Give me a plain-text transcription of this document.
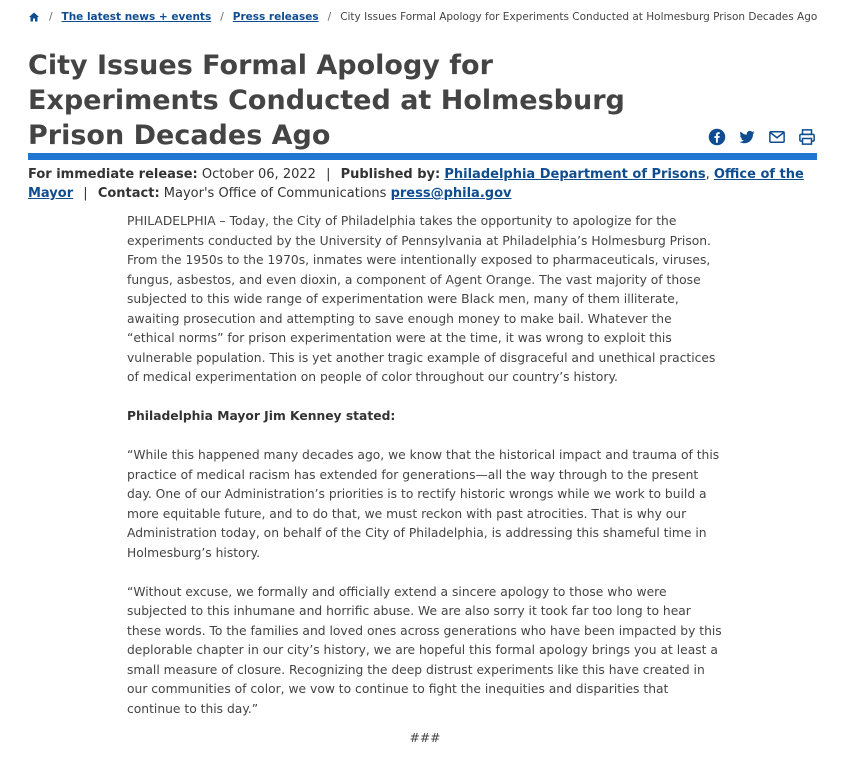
/ The latest news + events / Press releases / City Issues Formal Apology for Experiments Conducted at Holmesburg Prison Decades Ago
City Issues Formal Apology for Experiments Conducted at Holmesburg Prison Decades Ago
For immediate release: October 06, 2022 | Published by: Philadelphia Department of Prisons, Office of the Mayor | Contact: Mayor's Office of Communications press@phila.gov

PHILADELPHIA – Today, the City of Philadelphia takes the opportunity to apologize for the experiments conducted by the University of Pennsylvania at Philadelphia’s Holmesburg Prison. From the 1950s to the 1970s, inmates were intentionally exposed to pharmaceuticals, viruses, fungus, asbestos, and even dioxin, a component of Agent Orange. The vast majority of those subjected to this wide range of experimentation were Black men, many of them illiterate, awaiting prosecution and attempting to save enough money to make bail. Whatever the “ethical norms” for prison experimentation were at the time, it was wrong to exploit this vulnerable population. This is yet another tragic example of disgraceful and unethical practices of medical experimentation on people of color throughout our country’s history.

Philadelphia Mayor Jim Kenney stated:

“While this happened many decades ago, we know that the historical impact and trauma of this practice of medical racism has extended for generations—all the way through to the present day. One of our Administration’s priorities is to rectify historic wrongs while we work to build a more equitable future, and to do that, we must reckon with past atrocities. That is why our Administration today, on behalf of the City of Philadelphia, is addressing this shameful time in Holmesburg’s history.

“Without excuse, we formally and officially extend a sincere apology to those who were subjected to this inhumane and horrific abuse. We are also sorry it took far too long to hear these words. To the families and loved ones across generations who have been impacted by this deplorable chapter in our city’s history, we are hopeful this formal apology brings you at least a small measure of closure. Recognizing the deep distrust experiments like this have created in our communities of color, we vow to continue to fight the inequities and disparities that continue to this day.”

###
